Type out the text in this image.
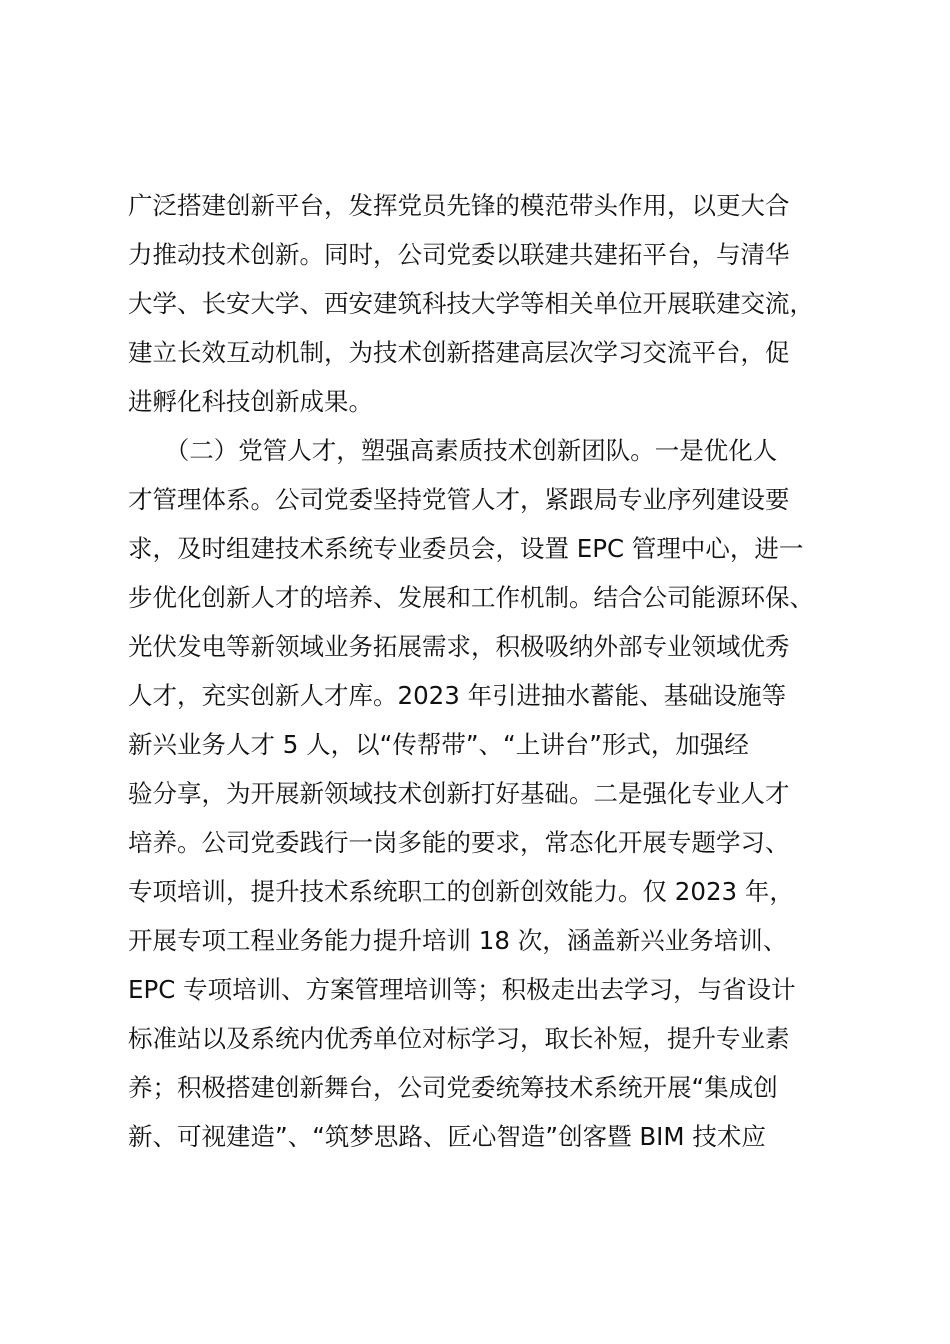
广泛搭建创新平台，发挥党员先锋的模范带头作用，以更大合
力推动技术创新。同时，公司党委以联建共建拓平台，与清华
大学、长安大学、西安建筑科技大学等相关单位开展联建交流，
建立长效互动机制，为技术创新搭建高层次学习交流平台，促
进孵化科技创新成果。
　　（二）党管人才，塑强高素质技术创新团队。一是优化人
才管理体系。公司党委坚持党管人才，紧跟局专业序列建设要
求，及时组建技术系统专业委员会，设置 EPC 管理中心，进一
步优化创新人才的培养、发展和工作机制。结合公司能源环保、
光伏发电等新领域业务拓展需求，积极吸纳外部专业领域优秀
人才，充实创新人才库。2023 年引进抽水蓄能、基础设施等
新兴业务人才 5 人，以“传帮带”、“上讲台”形式，加强经
验分享，为开展新领域技术创新打好基础。二是强化专业人才
培养。公司党委践行一岗多能的要求，常态化开展专题学习、
专项培训，提升技术系统职工的创新创效能力。仅 2023 年，
开展专项工程业务能力提升培训 18 次，涵盖新兴业务培训、
EPC 专项培训、方案管理培训等；积极走出去学习，与省设计
标准站以及系统内优秀单位对标学习，取长补短，提升专业素
养；积极搭建创新舞台，公司党委统筹技术系统开展“集成创
新、可视建造”、“筑梦思路、匠心智造”创客暨 BIM 技术应
